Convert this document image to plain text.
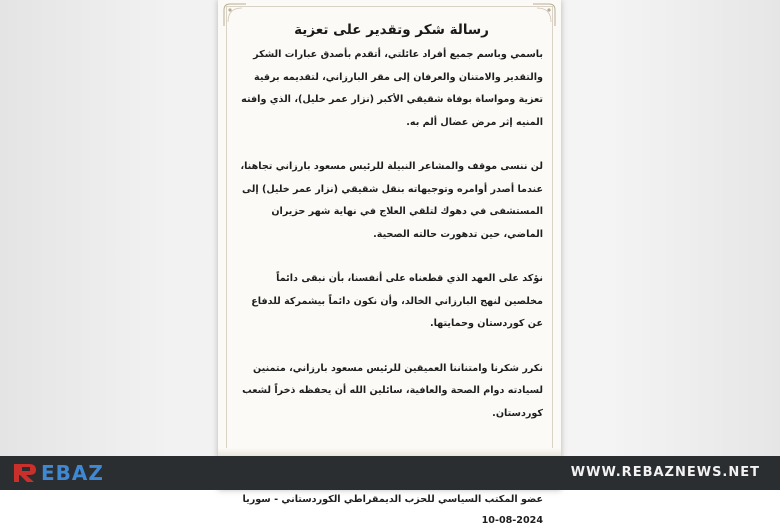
رسالة شكر وتقدير على تعزية

باسمي وباسم جميع أفراد عائلتي، أتقدم بأصدق عبارات الشكر والتقدير والامتنان والعرفان إلى مقر البارزاني، لتقديمه برقية تعزية ومواساة بوفاة شقيقي الأكبر (نزار عمر خليل)، الذي وافته المنيه إثر مرض عضال ألم به.

لن ننسى موقف والمشاعر النبيلة للرئيس مسعود بارزاني تجاهنا، عندما أصدر أوامره وتوجيهاته بنقل شقيقي (نزار عمر خليل) إلى المستشفى في دهوك لتلقي العلاج في نهاية شهر حزيران الماضي، حين تدهورت حالته الصحية.

نؤكد على العهد الذي قطعناه على أنفسنا، بأن نبقى دائماً مخلصين لنهج البارزاني الخالد، وأن نكون دائماً بيشمركة للدفاع عن كوردستان وحمايتها.

نكرر شكرنا وامتناننا العميقين للرئيس مسعود بارزاني، متمنين لسيادته دوام الصحة والعافية، سائلين الله أن يحفظه ذخراً لشعب كوردستان.

عضو المكتب السياسي للحزب الديمقراطي الكوردستاني - سوريا
10-08-2024
EBAZ	WWW.REBAZNEWS.NET
